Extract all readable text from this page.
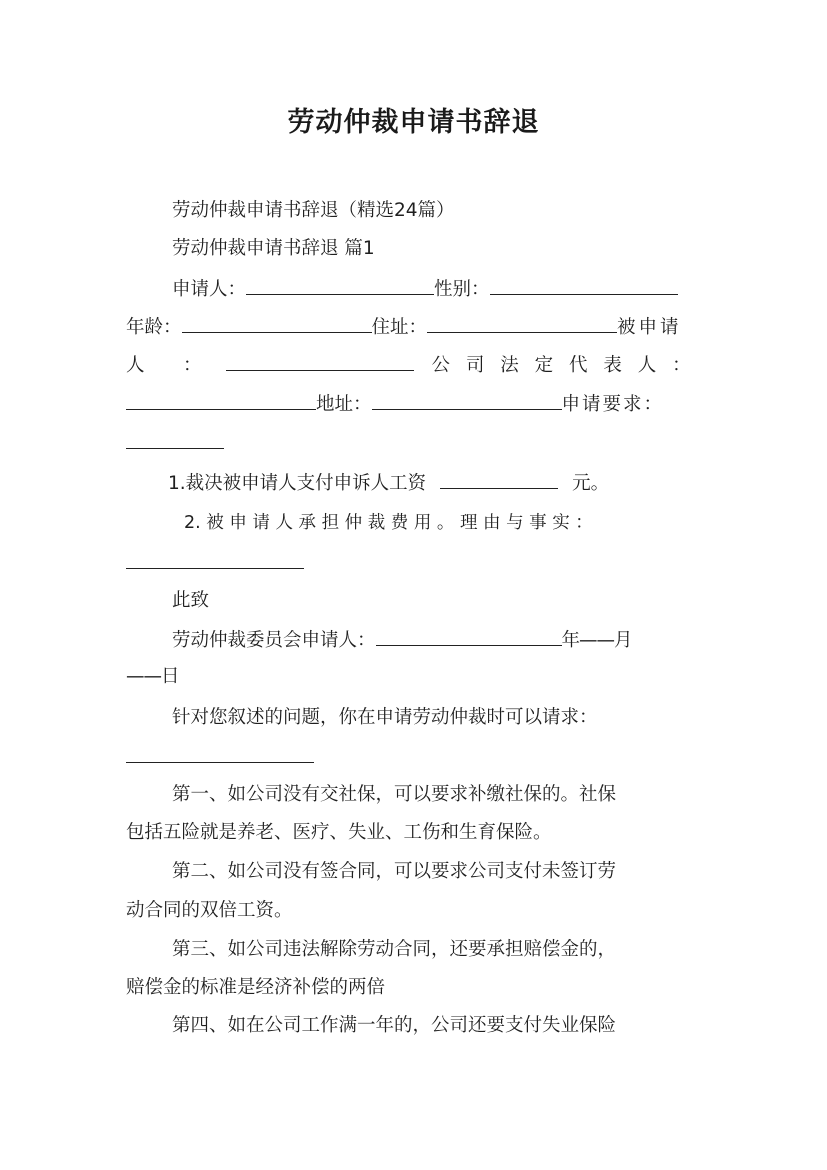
劳动仲裁申请书辞退
劳动仲裁申请书辞退（精选24篇）
劳动仲裁申请书辞退 篇1
申请人：	性别：
年龄：	住址：	被申请
人　：	公 司 法 定 代 表 人 ：
地址：	申请要求：
1.裁决被申请人支付申诉人工资	元。
2. 被 申 请 人 承 担 仲 裁 费 用 。 理 由 与 事 实 ：
此致
劳动仲裁委员会申请人：	年——月
——日
针对您叙述的问题，你在申请劳动仲裁时可以请求：
第一、如公司没有交社保，可以要求补缴社保的。社保
包括五险就是养老、医疗、失业、工伤和生育保险。
第二、如公司没有签合同，可以要求公司支付未签订劳
动合同的双倍工资。
第三、如公司违法解除劳动合同，还要承担赔偿金的，
赔偿金的标准是经济补偿的两倍
第四、如在公司工作满一年的，公司还要支付失业保险
